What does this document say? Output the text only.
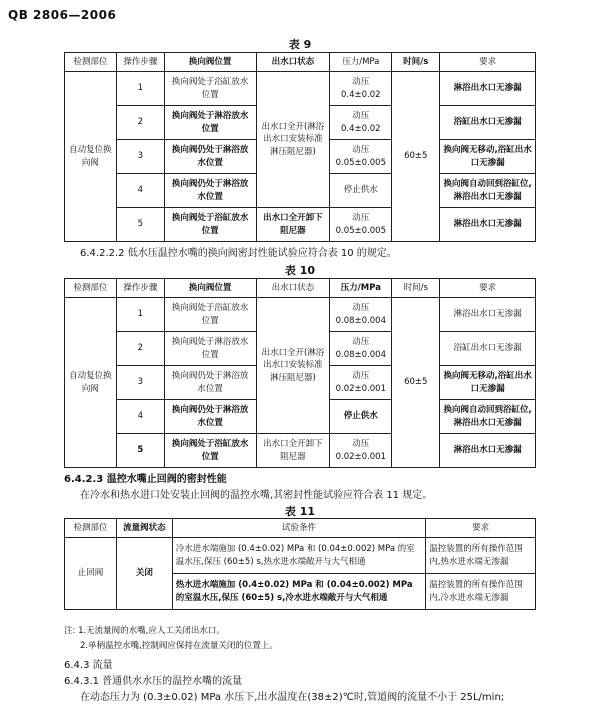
QB 2806—2006
表 9
检测部位	操作步骤	换向阀位置	出水口状态	压力/MPa	时间/s	要求
自动复位换向阀	1	换向阀处于浴缸放水位置	出水口全开(淋浴出水口安装标准淋压阻尼器)	动压 0.4±0.02	60±5	淋浴出水口无渗漏
	2	换向阀处于淋浴放水位置		动压 0.4±0.02		浴缸出水口无渗漏
	3	换向阀仍处于淋浴放水位置		动压 0.05±0.005		换向阀无移动,浴缸出水口无渗漏
	4	换向阀仍处于淋浴放水位置		停止供水		换向阀自动回到浴缸位,淋浴出水口无渗漏
	5	换向阀处于浴缸放水位置	出水口全开卸下阻尼器	动压 0.05±0.005		淋浴出水口无渗漏
6.4.2.2.2 低水压温控水嘴的换向阀密封性能试验应符合表 10 的规定。
表 10
检测部位	操作步骤	换向阀位置	出水口状态	压力/MPa	时间/s	要求
自动复位换向阀	1	换向阀处于浴缸放水位置	出水口全开(淋浴出水口安装标准淋压阻尼器)	动压 0.08±0.004	60±5	淋浴出水口无渗漏
	2	换向阀处于淋浴放水位置		动压 0.08±0.004		浴缸出水口无渗漏
	3	换向阀仍处于淋浴放水位置		动压 0.02±0.001		换向阀无移动,浴缸出水口无渗漏
	4	换向阀仍处于淋浴放水位置		停止供水		换向阀自动回到浴缸位,淋浴出水口无渗漏
	5	换向阀处于浴缸放水位置	出水口全开卸下阻尼器	动压 0.02±0.001		淋浴出水口无渗漏
6.4.2.3 温控水嘴止回阀的密封性能
在冷水和热水进口处安装止回阀的温控水嘴,其密封性能试验应符合表 11 规定。
表 11
检测部位	流量阀状态	试验条件	要求
止回阀	关闭	冷水进水端施加 (0.4±0.02) MPa 和 (0.04±0.002) MPa 的室温水压,保压 (60±5) s,热水进水端敞开与大气相通	温控装置的所有操作范围内,热水进水端无渗漏
		热水进水端施加 (0.4±0.02) MPa 和 (0.04±0.002) MPa 的室温水压,保压 (60±5) s,冷水进水端敞开与大气相通	温控装置的所有操作范围内,冷水进水端无渗漏
注: 1.无流量阀的水嘴,应人工关闭出水口。
2.单柄温控水嘴,控制阀应保持在流量关闭的位置上。
6.4.3 流量
6.4.3.1 普通供水水压的温控水嘴的流量
在动态压力为 (0.3±0.02) MPa 水压下,出水温度在(38±2)℃时,管道阀的流量不小于 25L/min;
